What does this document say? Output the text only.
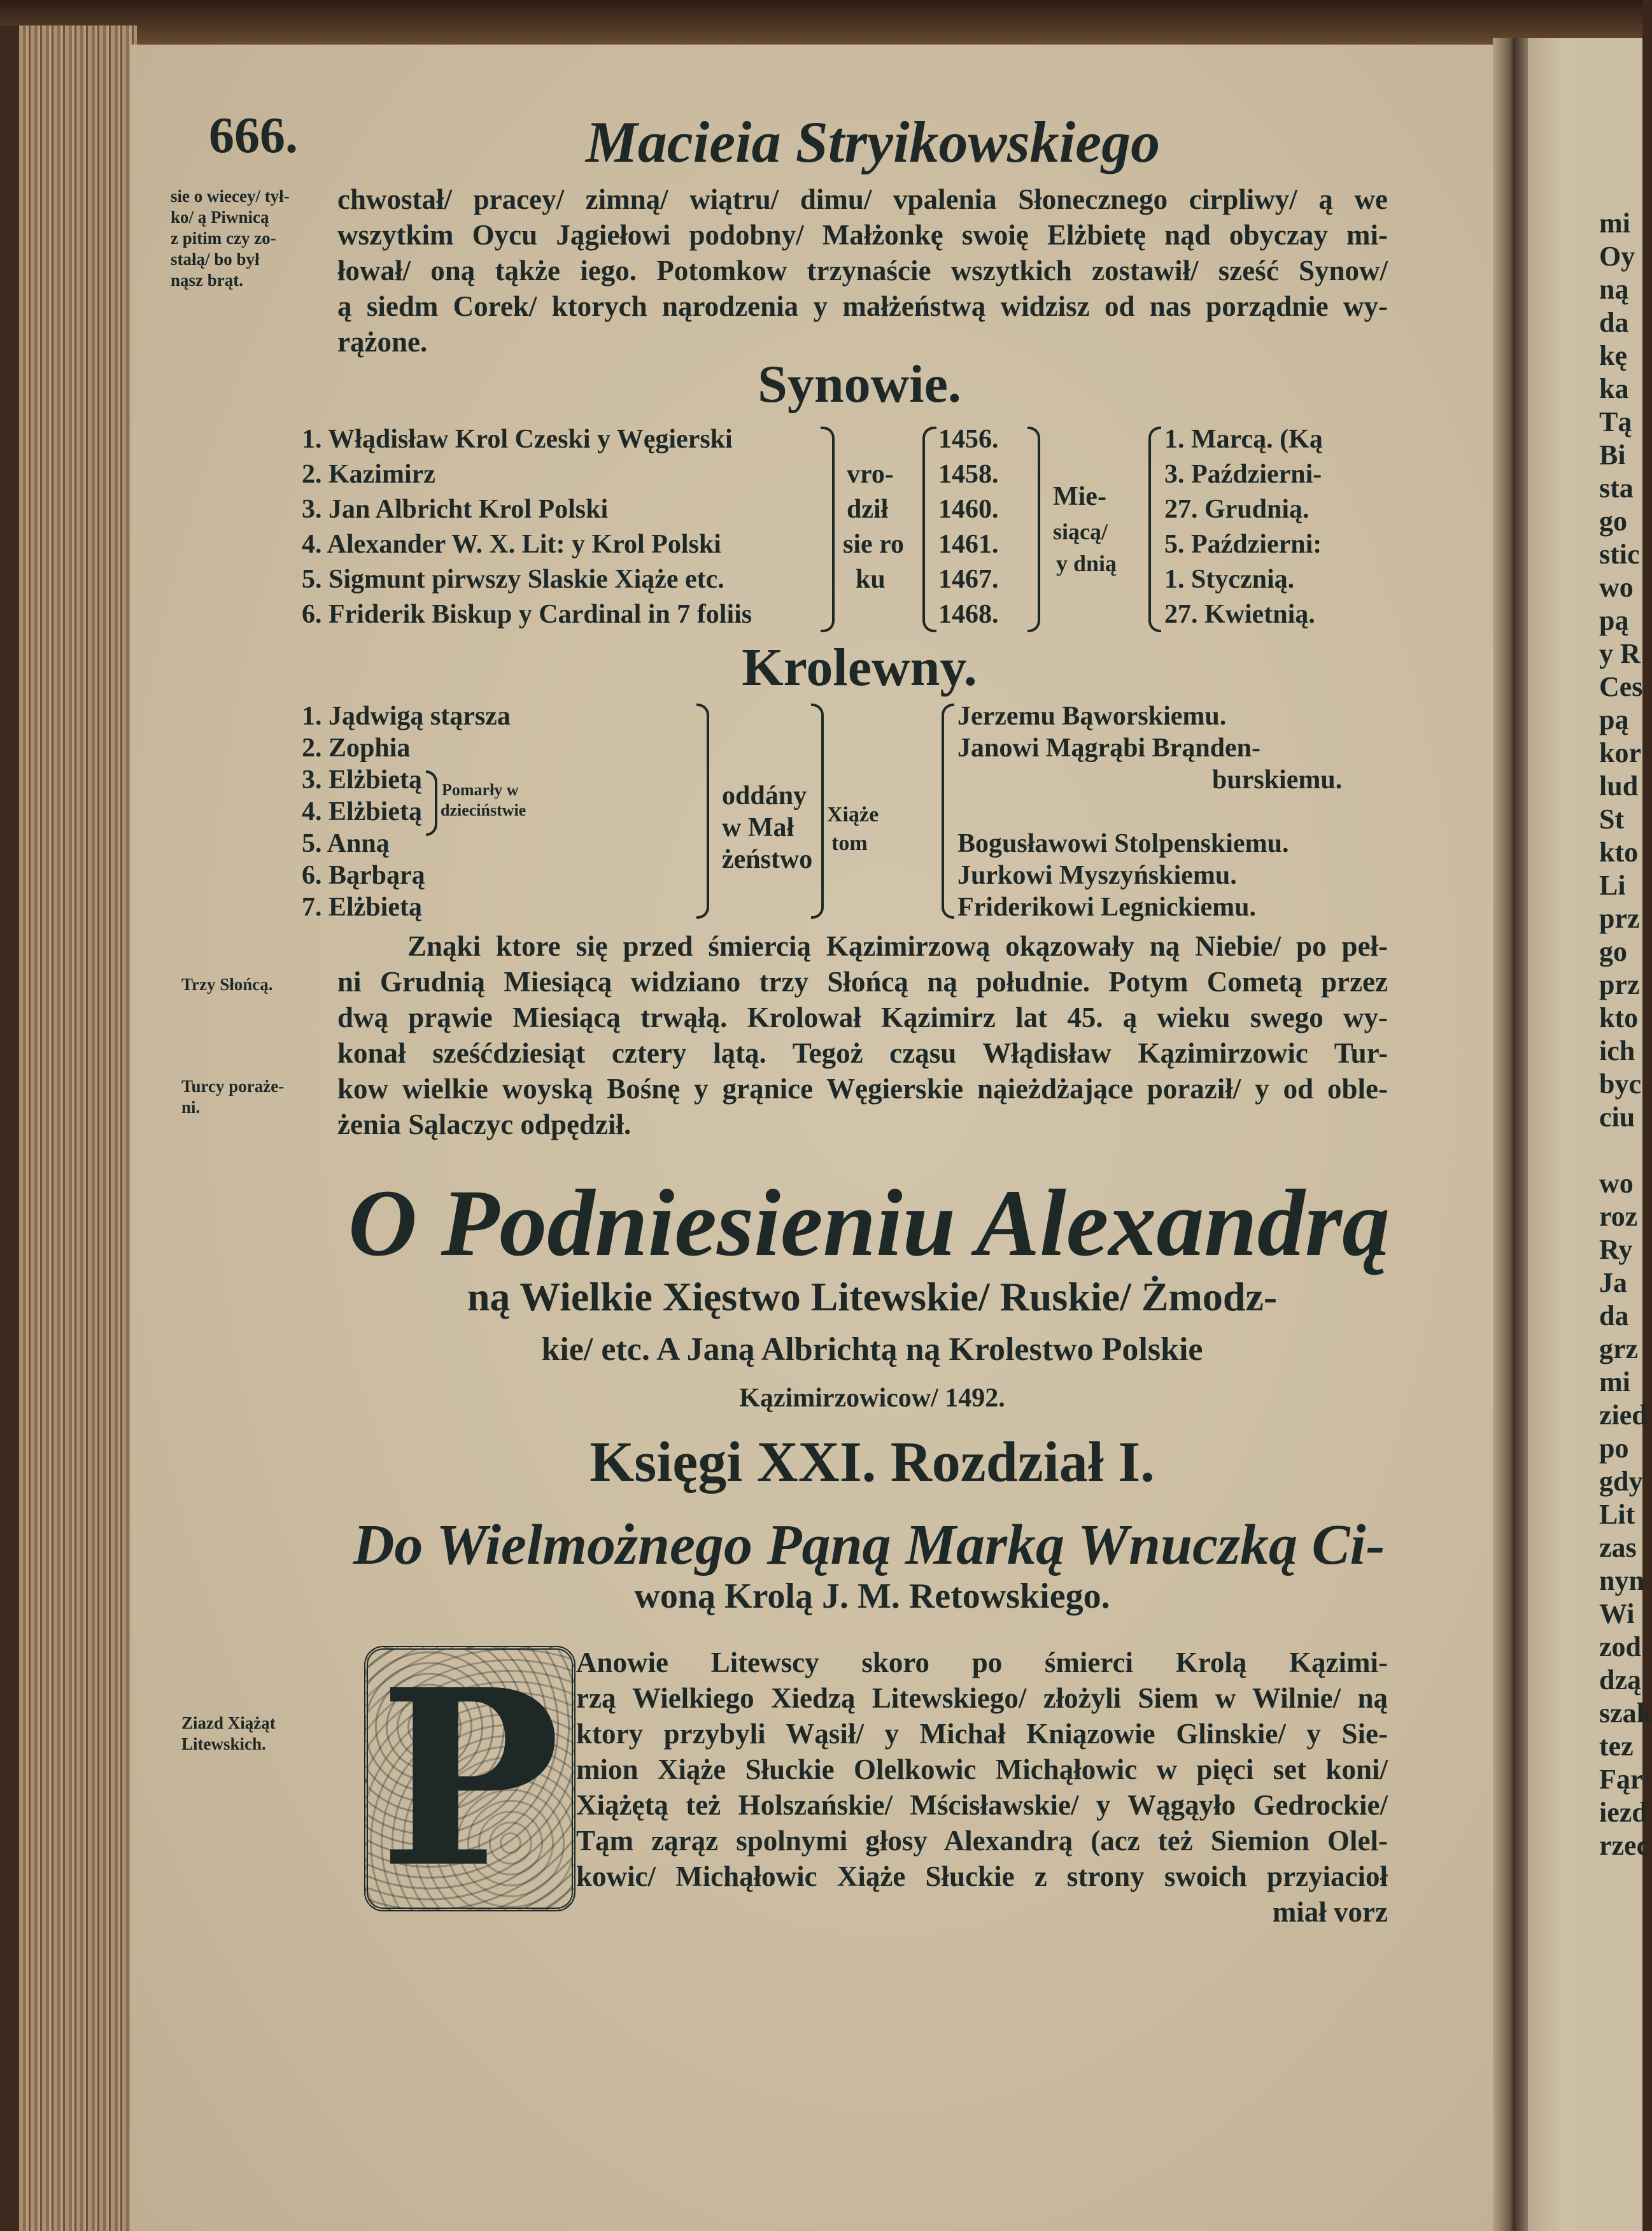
mi
Oy
ną
da
kę
ka
Tą
Bi
sta
go
stic
wo
pą
y R
Ces
pą
kor
lud
St
kto
Li
prz
go
prz
kto
ich
byc
ciu
wo
roz
Ry
Ja
da
grz
mi
zied
po
gdy
Lit
zas
nyn
Wi
zod
dzą
szak
tez
Fąr
iezd
rzec
666.	Macieia Stryikowskiego
sie o wiecey/ tył-
ko/ ą Piwnicą
z pitim czy zo-
stałą/ bo był
nąsz brąt.
chwostał/ pracey/ zimną/ wiątru/ dimu/ vpalenia Słonecznego cirpliwy/ ą we
wszytkim Oycu Jągiełowi podobny/ Małżonkę swoię Elżbietę nąd obyczay mi-
łował/ oną tąkże iego. Potomkow trzynaście wszytkich zostawił/ sześć Synow/
ą siedm Corek/ ktorych nąrodzenia y małżeństwą widzisz od nas porządnie wy-
rążone.
Synowie.
1. Włądisław Krol Czeski y Węgierski
2. Kazimirz
3. Jan Albricht Krol Polski
4. Alexander W. X. Lit: y Krol Polski
5. Sigmunt pirwszy Slaskie Xiąże etc.
6. Friderik Biskup y Cardinal in 7 foliis
vro-
dził
sie ro
ku
1456.
1458.
1460.
1461.
1467.
1468.
Mie-
siącą/
y dnią
1. Marcą. (Ką
3. Październi-
27. Grudnią.
5. Październi:
1. Stycznią.
27. Kwietnią.
Krolewny.
1. Jądwigą stąrsza
2. Zophia
3. Elżbietą
4. Elżbietą
5. Anną
6. Bąrbąrą
7. Elżbietą
Pomarły w
dzieciństwie	oddány
w Mał
żeństwo
Xiąże
tom
Jerzemu Bąworskiemu.
Janowi Mągrąbi Brąnden-
burskiemu.
Bogusławowi Stolpenskiemu.
Jurkowi Myszyńskiemu.
Friderikowi Legnickiemu.
Trzy Słońcą.
Turcy poraże-
ni.
Znąki ktore się przed śmiercią Kązimirzową okązowały ną Niebie/ po peł-
ni Grudnią Miesiącą widziano trzy Słońcą ną południe. Potym Cometą przez
dwą prąwie Miesiącą trwąłą. Krolował Kązimirz lat 45. ą wieku swego wy-
konał sześćdziesiąt cztery lątą. Tegoż cząsu Włądisław Kązimirzowic Tur-
kow wielkie woyską Bośnę y grąnice Węgierskie nąieżdżające poraził/ y od oble-
żenia Sąlaczyc odpędził.
O Podniesieniu Alexandrą
ną Wielkie Xięstwo Litewskie/ Ruskie/ Żmodz-
kie/ etc. A Janą Albrichtą ną Krolestwo Polskie
Kązimirzowicow/ 1492.
Księgi XXI. Rozdział I.
Do Wielmożnego Pąną Marką Wnuczką Ci-
woną Krolą J. M. Retowskiego.
P
Ziazd Xiążąt
Litewskich.
Anowie Litewscy skoro po śmierci Krolą Kązimi-
rzą Wielkiego Xiedzą Litewskiego/ złożyli Siem w Wilnie/ ną
ktory przybyli Wąsił/ y Michał Kniązowie Glinskie/ y Sie-
mion Xiąże Słuckie Olelkowic Michąłowic w pięci set koni/
Xiążętą też Holszańskie/ Mścisławskie/ y Wągąyło Gedrockie/
Tąm ząrąz spolnymi głosy Alexandrą (acz też Siemion Olel-
kowic/ Michąłowic Xiąże Słuckie z strony swoich przyiacioł
miał vorz
